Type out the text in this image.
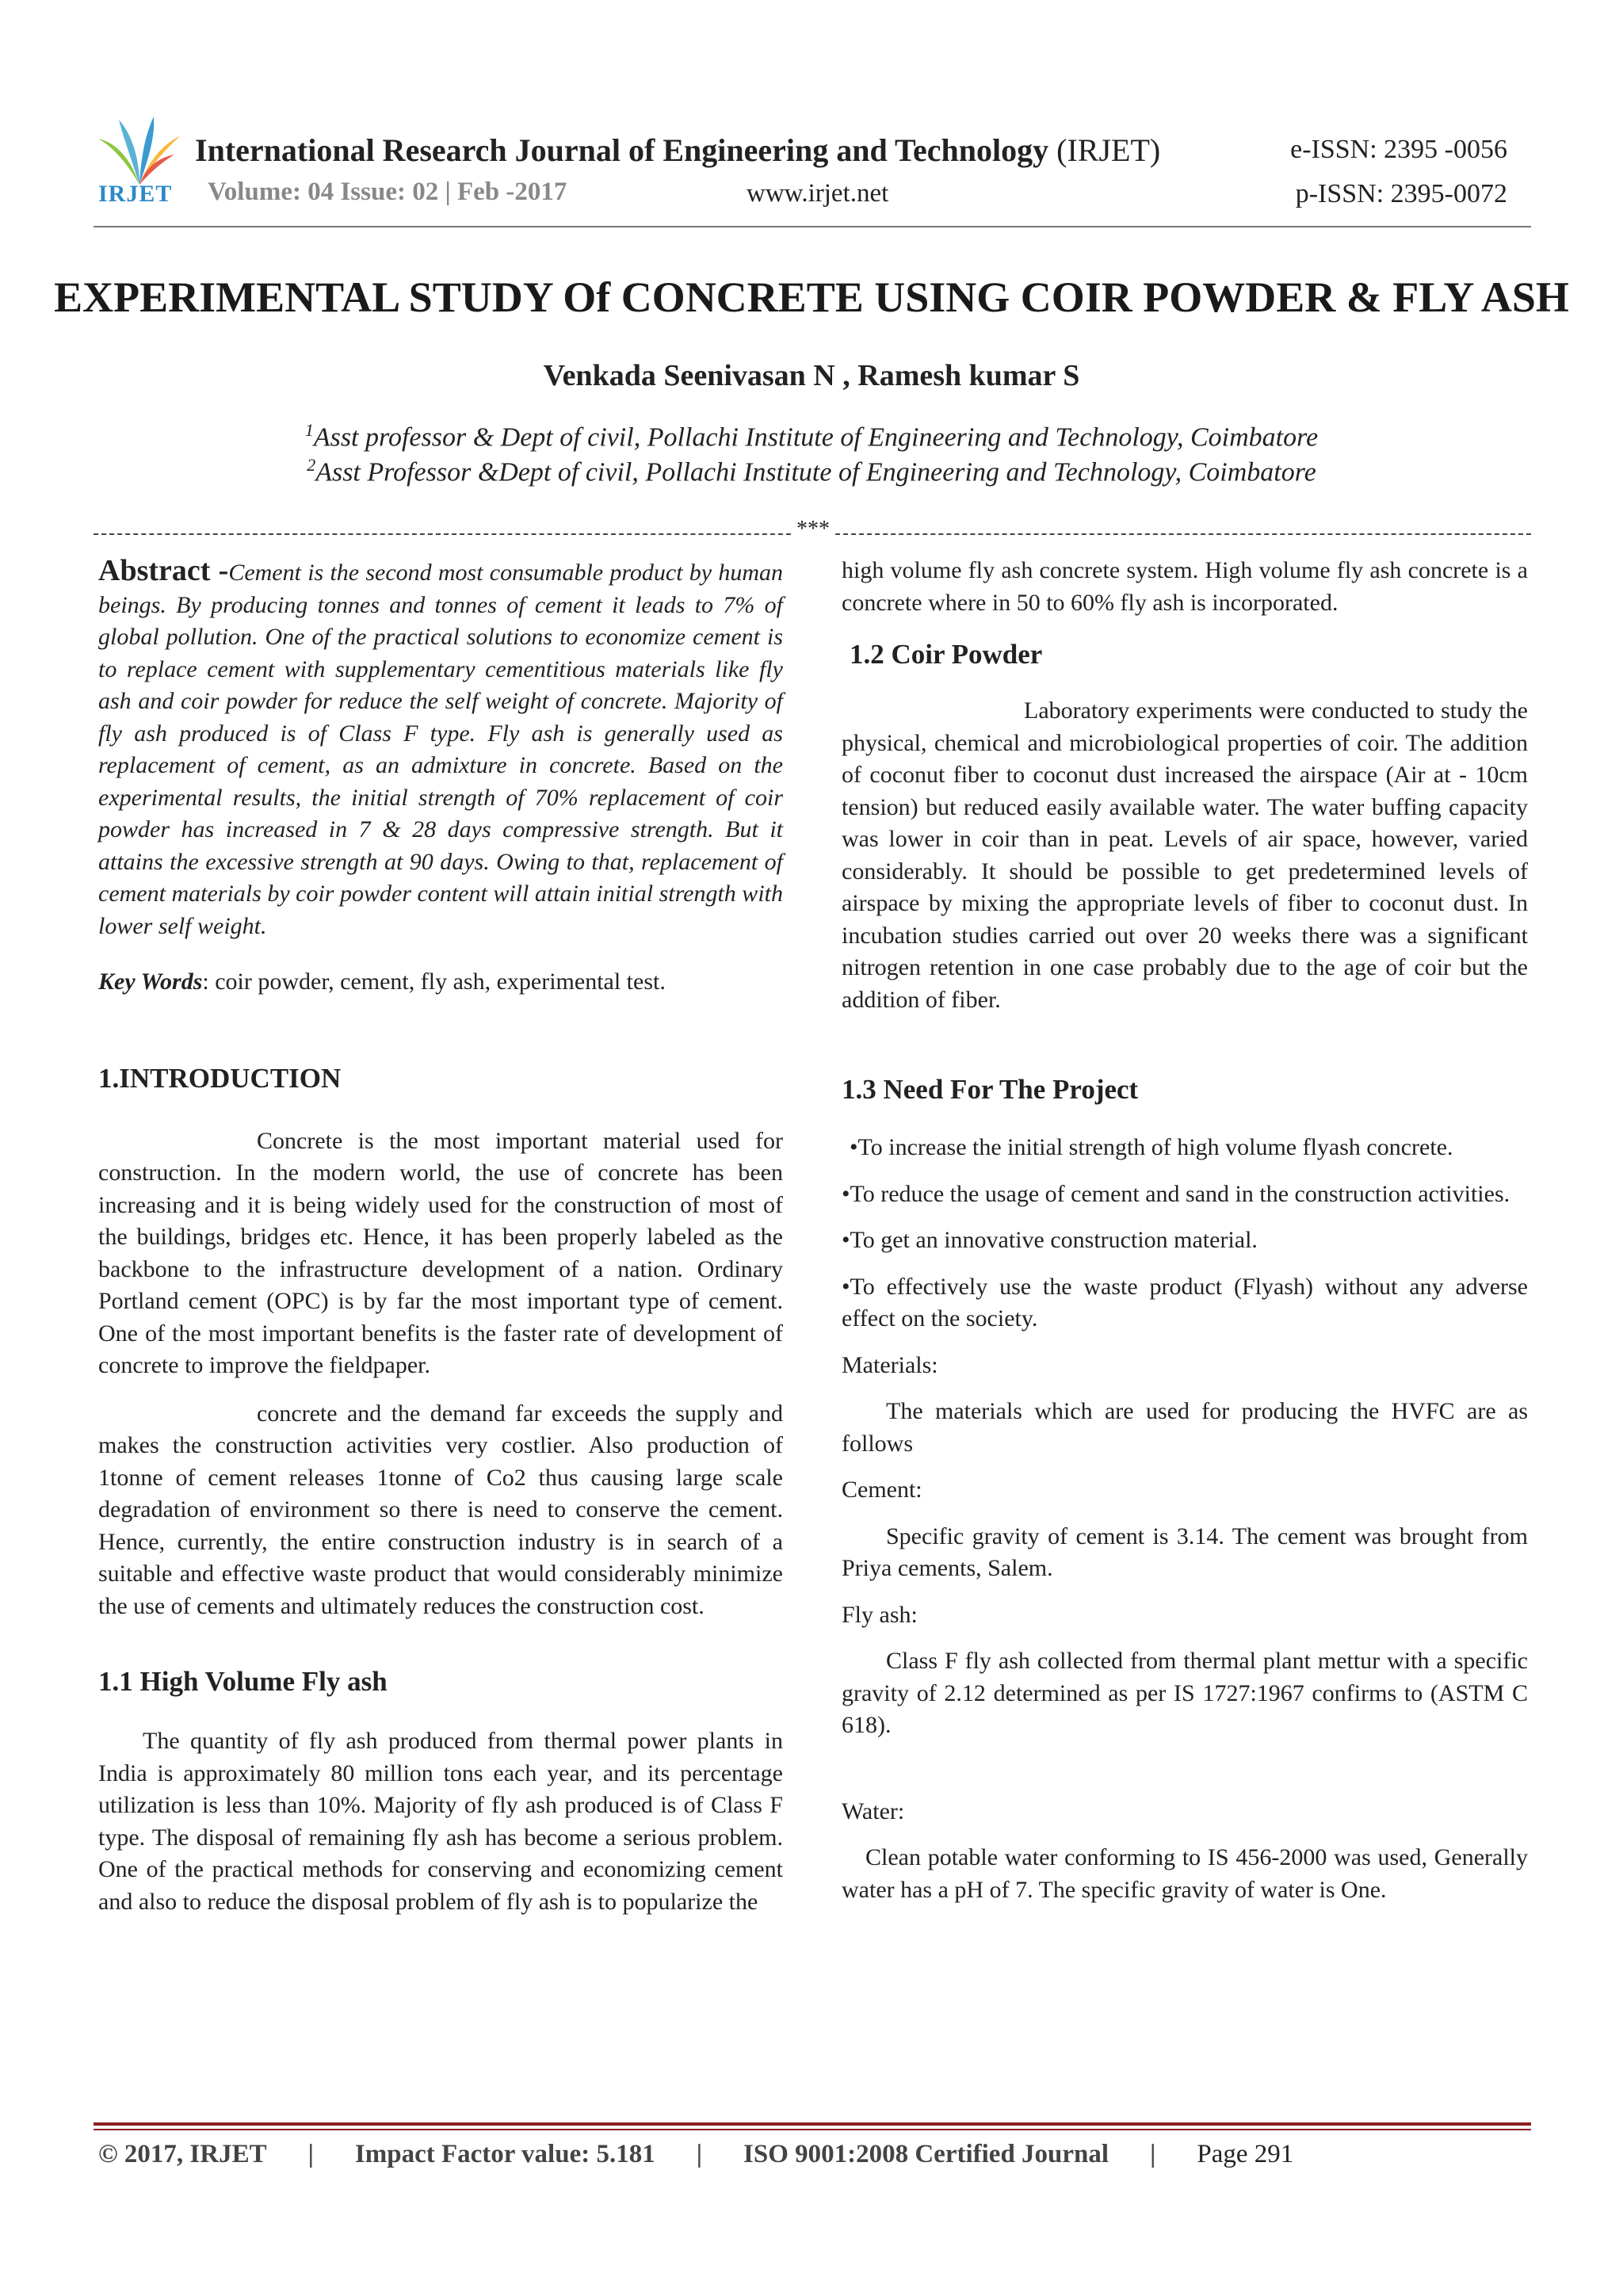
IRJET
International Research Journal of Engineering and Technology (IRJET)	e-ISSN: 2395 -0056
Volume: 04 Issue: 02 | Feb -2017	www.irjet.net	p-ISSN: 2395-0072
EXPERIMENTAL STUDY Of CONCRETE USING COIR POWDER & FLY ASH
Venkada Seenivasan N , Ramesh kumar S
$^1$Asst professor & Dept of civil, Pollachi Institute of Engineering and Technology, Coimbatore
$^2$Asst Professor &Dept of civil, Pollachi Institute of Engineering and Technology, Coimbatore
***

Abstract -Cement is the second most consumable product by human beings. By producing tonnes and tonnes of cement it leads to 7% of global pollution. One of the practical solutions to economize cement is to replace cement with supplementary cementitious materials like fly ash and coir powder for reduce the self weight of concrete. Majority of fly ash produced is of Class F type. Fly ash is generally used as replacement of cement, as an admixture in concrete. Based on the experimental results, the initial strength of 70% replacement of coir powder has increased in 7 & 28 days compressive strength. But it attains the excessive strength at 90 days. Owing to that, replacement of cement materials by coir powder content will attain initial strength with lower self weight.

Key Words: coir powder, cement, fly ash, experimental test.

1.INTRODUCTION

Concrete is the most important material used for construction. In the modern world, the use of concrete has been increasing and it is being widely used for the construction of most of the buildings, bridges etc. Hence, it has been properly labeled as the backbone to the infrastructure development of a nation. Ordinary Portland cement (OPC) is by far the most important type of cement. One of the most important benefits is the faster rate of development of concrete to improve the fieldpaper.

concrete and the demand far exceeds the supply and makes the construction activities very costlier. Also production of 1tonne of cement releases 1tonne of Co2 thus causing large scale degradation of environment so there is need to conserve the cement. Hence, currently, the entire construction industry is in search of a suitable and effective waste product that would considerably minimize the use of cements and ultimately reduces the construction cost.

1.1 High Volume Fly ash

The quantity of fly ash produced from thermal power plants in India is approximately 80 million tons each year, and its percentage utilization is less than 10%. Majority of fly ash produced is of Class F type. The disposal of remaining fly ash has become a serious problem. One of the practical methods for conserving and economizing cement and also to reduce the disposal problem of fly ash is to popularize the

high volume fly ash concrete system. High volume fly ash concrete is a concrete where in 50 to 60% fly ash is incorporated.

1.2 Coir Powder

Laboratory experiments were conducted to study the physical, chemical and microbiological properties of coir. The addition of coconut fiber to coconut dust increased the airspace (Air at - 10cm tension) but reduced easily available water. The water buffing capacity was lower in coir than in peat. Levels of air space, however, varied considerably. It should be possible to get predetermined levels of airspace by mixing the appropriate levels of fiber to coconut dust. In incubation studies carried out over 20 weeks there was a significant nitrogen retention in one case probably due to the age of coir but the addition of fiber.

1.3 Need For The Project

•To increase the initial strength of high volume flyash concrete.

•To reduce the usage of cement and sand in the construction activities.

•To get an innovative construction material.

•To effectively use the waste product (Flyash) without any adverse effect on the society.

Materials:

The materials which are used for producing the HVFC are as follows

Cement:

Specific gravity of cement is 3.14. The cement was brought from Priya cements, Salem.

Fly ash:

Class F fly ash collected from thermal plant mettur with a specific gravity of 2.12 determined as per IS 1727:1967 confirms to (ASTM C 618).

Water:

Clean potable water conforming to IS 456-2000 was used, Generally water has a pH of 7. The specific gravity of water is One.

© 2017, IRJET | Impact Factor value: 5.181 | ISO 9001:2008 Certified Journal | Page 291
